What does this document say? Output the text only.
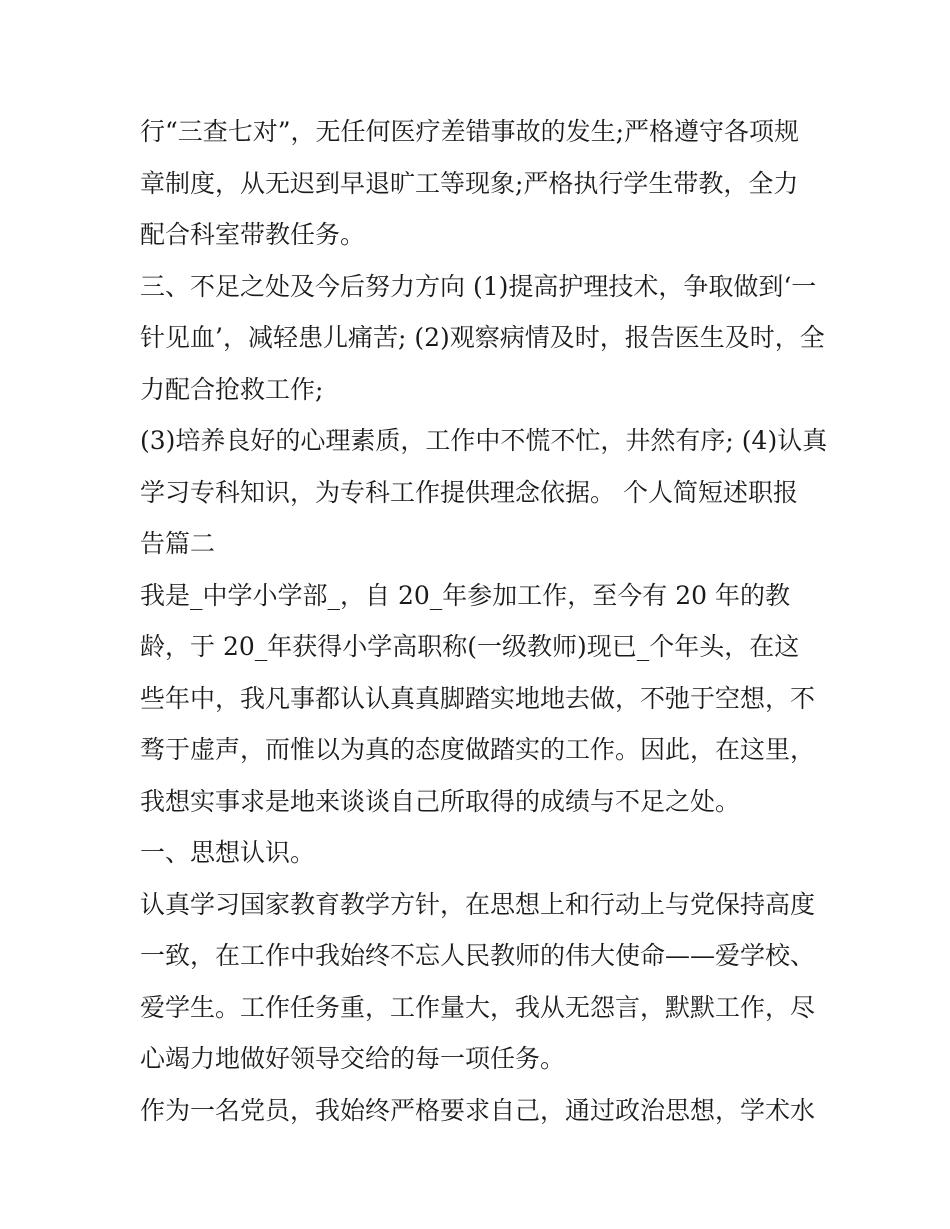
行“三查七对”，无任何医疗差错事故的发生;严格遵守各项规
章制度，从无迟到早退旷工等现象;严格执行学生带教，全力
配合科室带教任务。
三、不足之处及今后努力方向 (1)提高护理技术，争取做到‘一
针见血’，减轻患儿痛苦; (2)观察病情及时，报告医生及时，全
力配合抢救工作;
(3)培养良好的心理素质，工作中不慌不忙，井然有序; (4)认真
学习专科知识，为专科工作提供理念依据。 个人简短述职报
告篇二
我是_中学小学部_，自 20_年参加工作，至今有 20 年的教
龄，于 20_年获得小学高职称(一级教师)现已_个年头，在这
些年中，我凡事都认认真真脚踏实地地去做，不弛于空想，不
骛于虚声，而惟以为真的态度做踏实的工作。因此，在这里，
我想实事求是地来谈谈自己所取得的成绩与不足之处。
一、思想认识。
认真学习国家教育教学方针，在思想上和行动上与党保持高度
一致，在工作中我始终不忘人民教师的伟大使命——爱学校、
爱学生。工作任务重，工作量大，我从无怨言，默默工作，尽
心竭力地做好领导交给的每一项任务。
作为一名党员，我始终严格要求自己，通过政治思想，学术水
